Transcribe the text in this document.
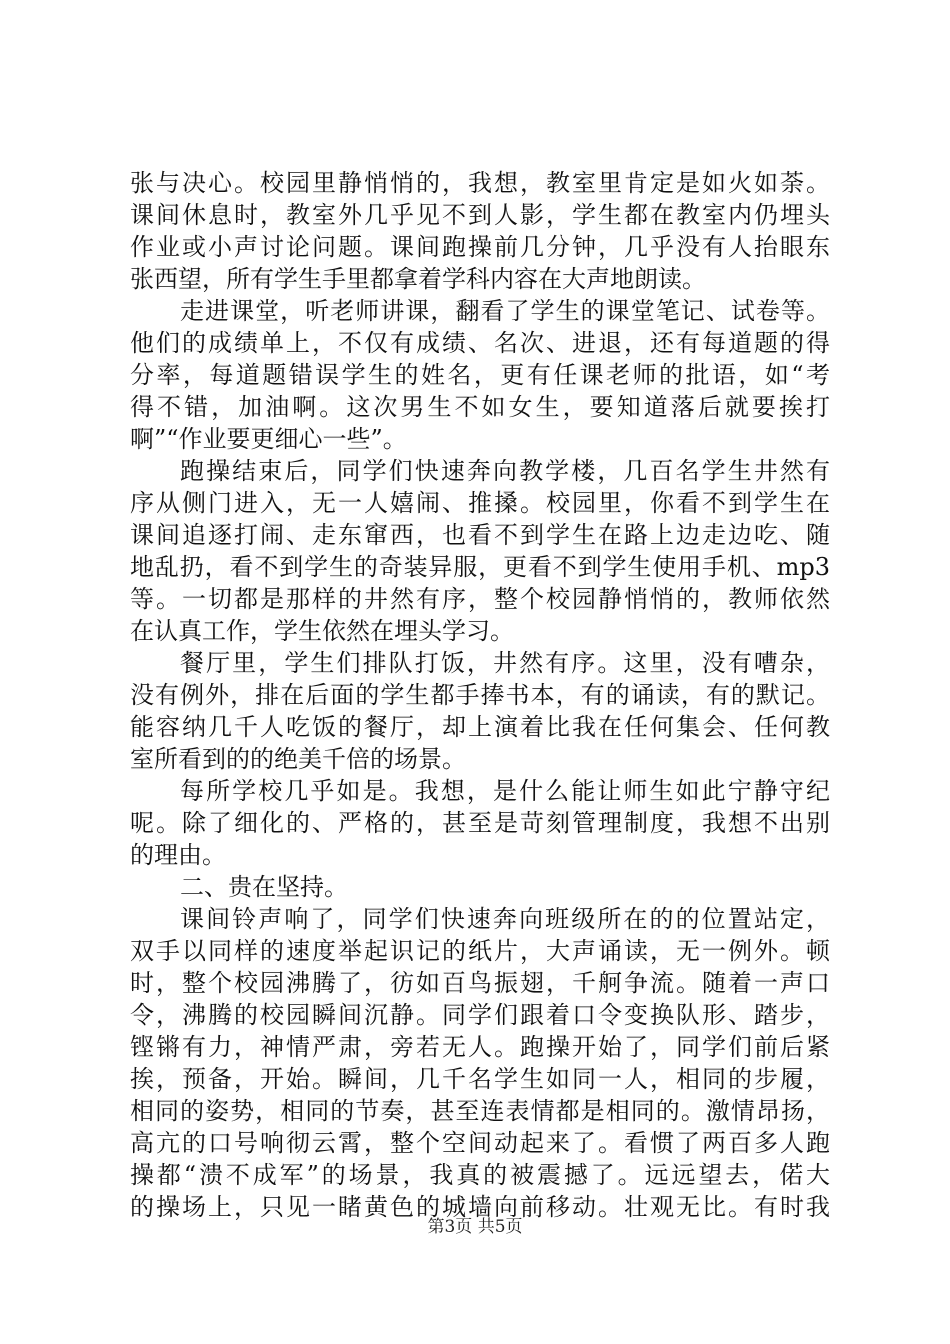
张与决心。校园里静悄悄的，我想，教室里肯定是如火如荼。
课间休息时，教室外几乎见不到人影，学生都在教室内仍埋头
作业或小声讨论问题。课间跑操前几分钟，几乎没有人抬眼东
张西望，所有学生手里都拿着学科内容在大声地朗读。
走进课堂，听老师讲课，翻看了学生的课堂笔记、试卷等。
他们的成绩单上，不仅有成绩、名次、进退，还有每道题的得
分率，每道题错误学生的姓名，更有任课老师的批语，如“考
得不错，加油啊。这次男生不如女生，要知道落后就要挨打
啊”“作业要更细心一些”。
跑操结束后，同学们快速奔向教学楼，几百名学生井然有
序从侧门进入，无一人嬉闹、推搡。校园里，你看不到学生在
课间追逐打闹、走东窜西，也看不到学生在路上边走边吃、随
地乱扔，看不到学生的奇装异服，更看不到学生使用手机、mp3
等。一切都是那样的井然有序，整个校园静悄悄的，教师依然
在认真工作，学生依然在埋头学习。
餐厅里，学生们排队打饭，井然有序。这里，没有嘈杂，
没有例外，排在后面的学生都手捧书本，有的诵读，有的默记。
能容纳几千人吃饭的餐厅，却上演着比我在任何集会、任何教
室所看到的的绝美千倍的场景。
每所学校几乎如是。我想，是什么能让师生如此宁静守纪
呢。除了细化的、严格的，甚至是苛刻管理制度，我想不出别
的理由。
二、贵在坚持。
课间铃声响了，同学们快速奔向班级所在的的位置站定，
双手以同样的速度举起识记的纸片，大声诵读，无一例外。顿
时，整个校园沸腾了，彷如百鸟振翅，千舸争流。随着一声口
令，沸腾的校园瞬间沉静。同学们跟着口令变换队形、踏步，
铿锵有力，神情严肃，旁若无人。跑操开始了，同学们前后紧
挨，预备，开始。瞬间，几千名学生如同一人，相同的步履，
相同的姿势，相同的节奏，甚至连表情都是相同的。激情昂扬，
高亢的口号响彻云霄，整个空间动起来了。看惯了两百多人跑
操都“溃不成军”的场景，我真的被震撼了。远远望去，偌大
的操场上，只见一睹黄色的城墙向前移动。壮观无比。有时我
第3页 共5页
